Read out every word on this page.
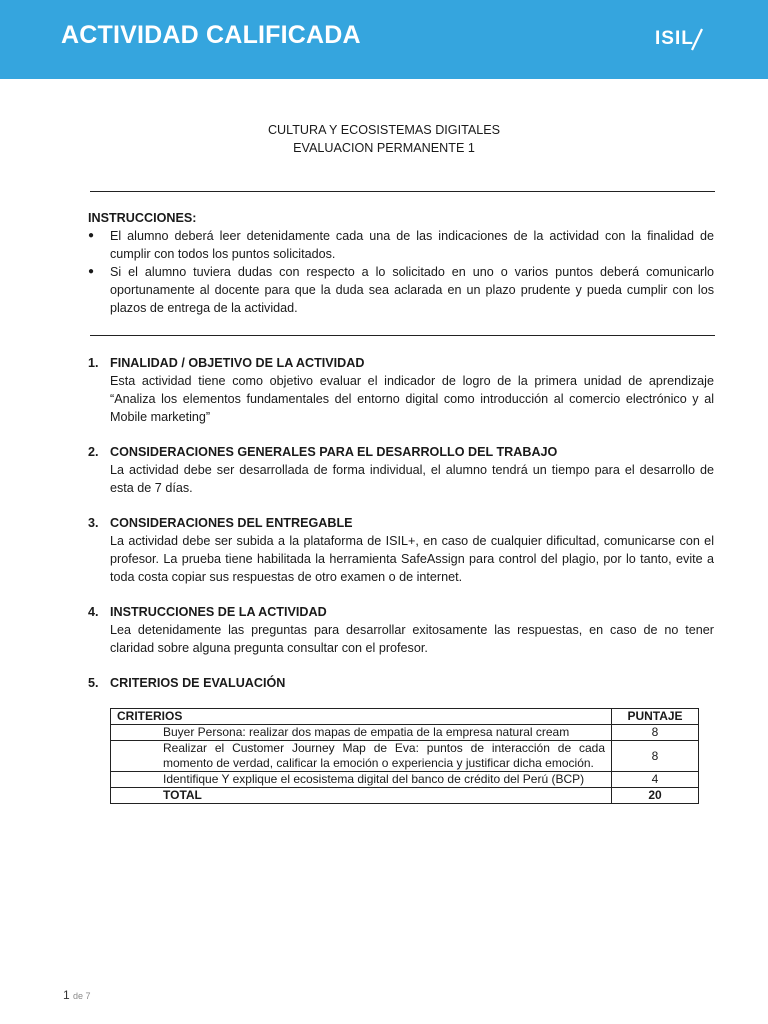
ACTIVIDAD CALIFICADA	ISIL
CULTURA Y ECOSISTEMAS DIGITALES
EVALUACION PERMANENTE 1
INSTRUCCIONES:
●	El alumno deberá leer detenidamente cada una de las indicaciones de la actividad con la finalidad de cumplir con todos los puntos solicitados.
●	Si el alumno tuviera dudas con respecto a lo solicitado en uno o varios puntos deberá comunicarlo oportunamente al docente para que la duda sea aclarada en un plazo prudente y pueda cumplir con los plazos de entrega de la actividad.
1. FINALIDAD / OBJETIVO DE LA ACTIVIDAD
Esta actividad tiene como objetivo evaluar el indicador de logro de la primera unidad de aprendizaje “Analiza los elementos fundamentales del entorno digital como introducción al comercio electrónico y al Mobile marketing”
2. CONSIDERACIONES GENERALES PARA EL DESARROLLO DEL TRABAJO
La actividad debe ser desarrollada de forma individual, el alumno tendrá un tiempo para el desarrollo de esta de 7 días.
3. CONSIDERACIONES DEL ENTREGABLE
La actividad debe ser subida a la plataforma de ISIL+, en caso de cualquier dificultad, comunicarse con el profesor. La prueba tiene habilitada la herramienta SafeAssign para control del plagio, por lo tanto, evite a toda costa copiar sus respuestas de otro examen o de internet.
4. INSTRUCCIONES DE LA ACTIVIDAD
Lea detenidamente las preguntas para desarrollar exitosamente las respuestas, en caso de no tener claridad sobre alguna pregunta consultar con el profesor.
5. CRITERIOS DE EVALUACIÓN
CRITERIOS	PUNTAJE
Buyer Persona: realizar dos mapas de empatia de la empresa natural cream	8
Realizar el Customer Journey Map de Eva: puntos de interacción de cada momento de verdad, calificar la emoción o experiencia y justificar dicha emoción.	8
Identifique Y explique el ecosistema digital del banco de crédito del Perú (BCP)	4
TOTAL	20
1 de 7
